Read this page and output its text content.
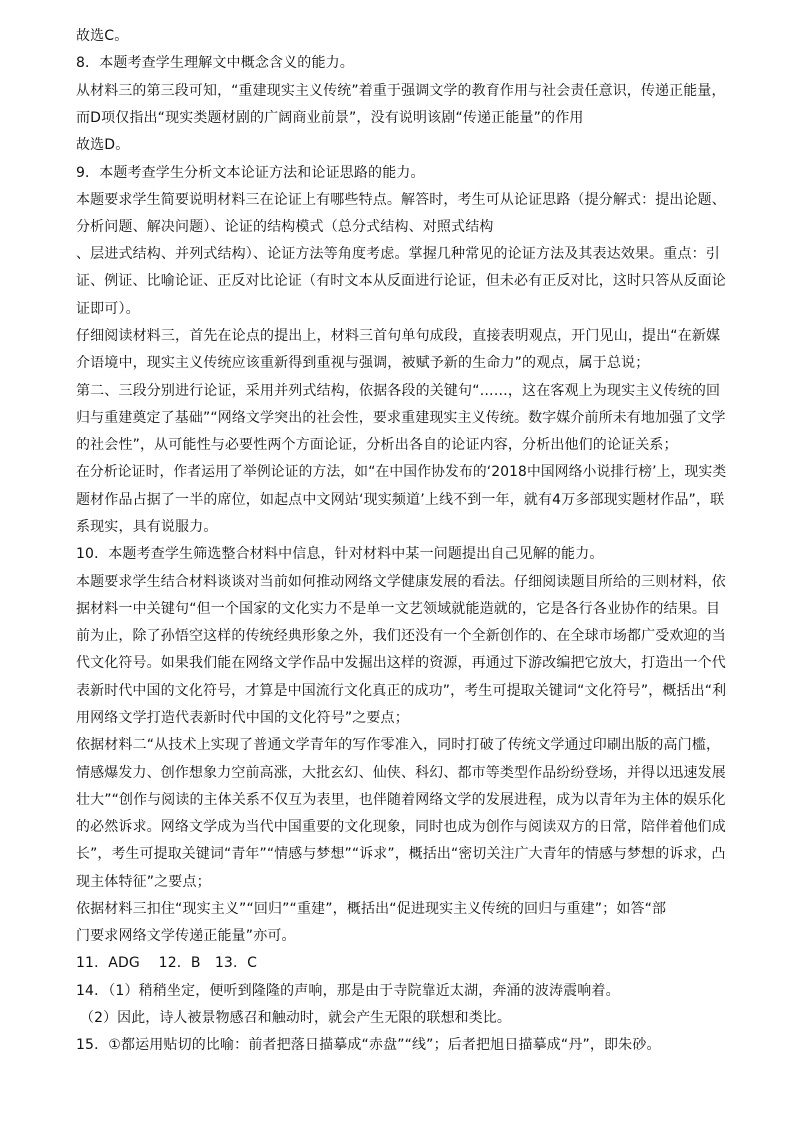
故选C。
8．本题考查学生理解文中概念含义的能力。
从材料三的第三段可知，“重建现实主义传统”着重于强调文学的教育作用与社会责任意识，传递正能量，
而D项仅指出“现实类题材剧的广阔商业前景”，没有说明该剧“传递正能量”的作用
故选D。
9．本题考查学生分析文本论证方法和论证思路的能力。
本题要求学生简要说明材料三在论证上有哪些特点。解答时，考生可从论证思路（提分解式：提出论题、
分析问题、解决问题）、论证的结构模式（总分式结构、对照式结构
、层进式结构、并列式结构）、论证方法等角度考虑。掌握几种常见的论证方法及其表达效果。重点：引
证、例证、比喻论证、正反对比论证（有时文本从反面进行论证，但未必有正反对比，这时只答从反面论
证即可）。
仔细阅读材料三，首先在论点的提出上，材料三首句单句成段，直接表明观点，开门见山，提出“在新媒
介语境中，现实主义传统应该重新得到重视与强调，被赋予新的生命力”的观点，属于总说；
第二、三段分别进行论证，采用并列式结构，依据各段的关键句“……，这在客观上为现实主义传统的回
归与重建奠定了基础”“网络文学突出的社会性，要求重建现实主义传统。数字媒介前所未有地加强了文学
的社会性”，从可能性与必要性两个方面论证，分析出各自的论证内容，分析出他们的论证关系；
在分析论证时，作者运用了举例论证的方法，如“在中国作协发布的‘2018中国网络小说排行榜’上，现实类
题材作品占据了一半的席位，如起点中文网站‘现实频道’上线不到一年，就有4万多部现实题材作品”，联
系现实，具有说服力。
10．本题考查学生筛选整合材料中信息，针对材料中某一问题提出自己见解的能力。
本题要求学生结合材料谈谈对当前如何推动网络文学健康发展的看法。仔细阅读题目所给的三则材料，依
据材料一中关键句“但一个国家的文化实力不是单一文艺领域就能造就的，它是各行各业协作的结果。目
前为止，除了孙悟空这样的传统经典形象之外，我们还没有一个全新创作的、在全球市场都广受欢迎的当
代文化符号。如果我们能在网络文学作品中发掘出这样的资源，再通过下游改编把它放大，打造出一个代
表新时代中国的文化符号，才算是中国流行文化真正的成功”，考生可提取关键词“文化符号”，概括出“利
用网络文学打造代表新时代中国的文化符号”之要点；
依据材料二“从技术上实现了普通文学青年的写作零准入，同时打破了传统文学通过印刷出版的高门槛，
情感爆发力、创作想象力空前高涨，大批玄幻、仙侠、科幻、都市等类型作品纷纷登场，并得以迅速发展
壮大”“创作与阅读的主体关系不仅互为表里，也伴随着网络文学的发展进程，成为以青年为主体的娱乐化
的必然诉求。网络文学成为当代中国重要的文化现象，同时也成为创作与阅读双方的日常，陪伴着他们成
长”，考生可提取关键词“青年”“情感与梦想”“诉求”，概括出“密切关注广大青年的情感与梦想的诉求，凸
现主体特征”之要点；
依据材料三扣住“现实主义”“回归”“重建”，概括出“促进现实主义传统的回归与重建”；如答“部
门要求网络文学传递正能量”亦可。
11．ADG　 12．B　13．C
14．（1）稍稍坐定，便听到隆隆的声响，那是由于寺院靠近太湖，奔涌的波涛震响着。
（2）因此，诗人被景物感召和触动时，就会产生无限的联想和类比。
15．①都运用贴切的比喻：前者把落日描摹成“赤盘”“线”；后者把旭日描摹成“丹”，即朱砂。
